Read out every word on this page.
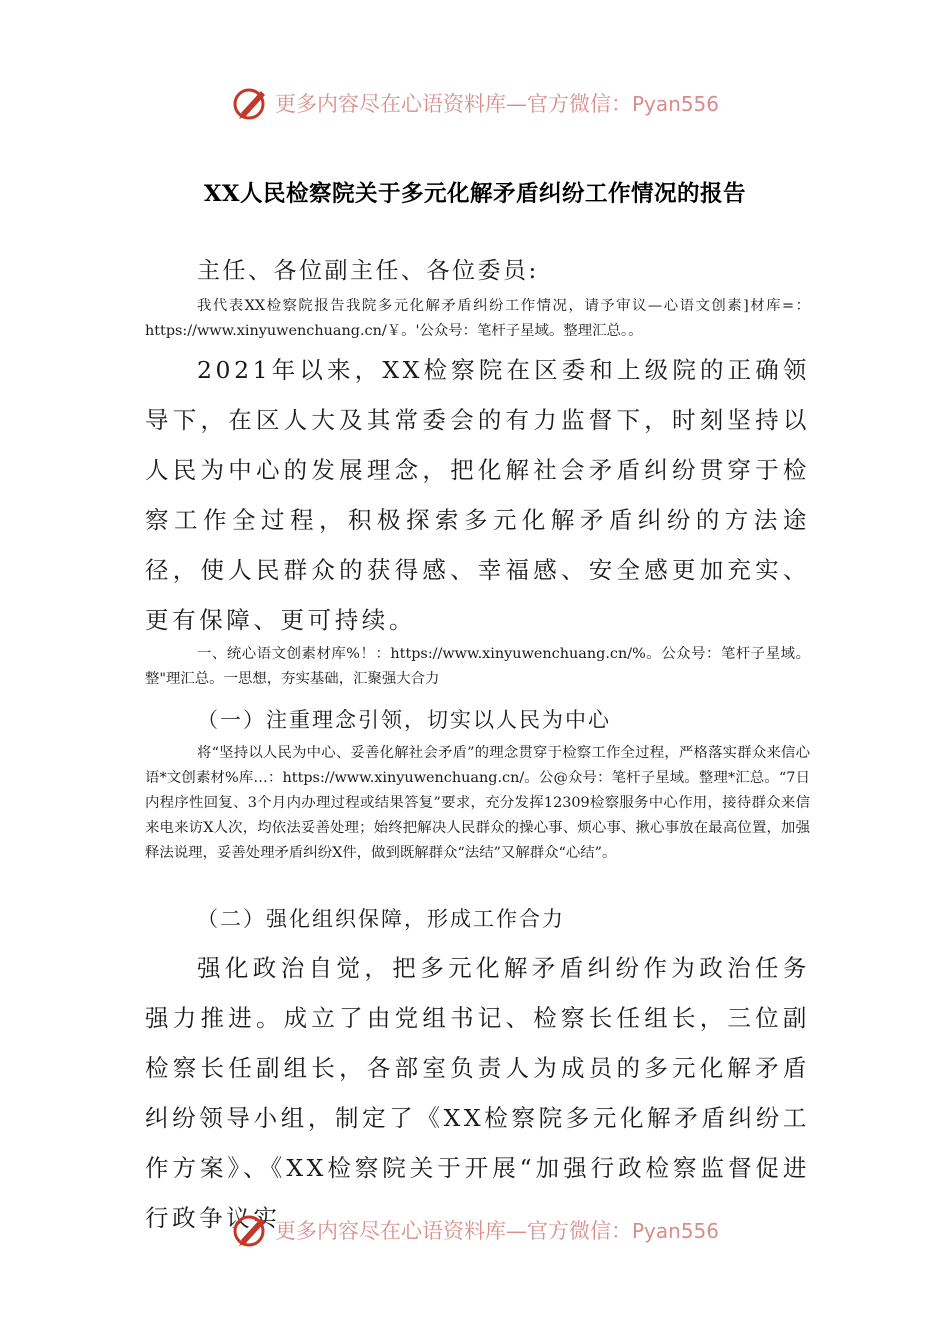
更多内容尽在心语资料库—官方微信：Pyan556
XX人民检察院关于多元化解矛盾纠纷工作情况的报告
主任、各位副主任、各位委员:
我代表XX检察院报告我院多元化解矛盾纠纷工作情况，请予审议—心语文创素]材库=：https://www.xinyuwenchuang.cn/￥。'公众号：笔杆子星域。整理汇总。。
2021年以来，XX检察院在区委和上级院的正确领导下，在区人大及其常委会的有力监督下，时刻坚持以人民为中心的发展理念，把化解社会矛盾纠纷贯穿于检察工作全过程，积极探索多元化解矛盾纠纷的方法途径，使人民群众的获得感、幸福感、安全感更加充实、更有保障、更可持续。
一、统心语文创素材库%！：https://www.xinyuwenchuang.cn/%。公众号：笔杆子星域。整"理汇总。一思想，夯实基础，汇聚强大合力
（一）注重理念引领，切实以人民为中心
将“坚持以人民为中心、妥善化解社会矛盾”的理念贯穿于检察工作全过程，严格落实群众来信心语*文创素材%库…：https://www.xinyuwenchuang.cn/。公@众号：笔杆子星域。整理*汇总。“7日内程序性回复、3个月内办理过程或结果答复”要求，充分发挥12309检察服务中心作用，接待群众来信来电来访X人次，均依法妥善处理；始终把解决人民群众的操心事、烦心事、揪心事放在最高位置，加强释法说理，妥善处理矛盾纠纷X件，做到既解群众“法结”又解群众“心结”。
（二）强化组织保障，形成工作合力
强化政治自觉，把多元化解矛盾纠纷作为政治任务强力推进。成立了由党组书记、检察长任组长，三位副检察长任副组长，各部室负责人为成员的多元化解矛盾纠纷领导小组，制定了《XX检察院多元化解矛盾纠纷工作方案》、《XX检察院关于开展“加强行政检察监督促进行政争议实
更多内容尽在心语资料库—官方微信：Pyan556
